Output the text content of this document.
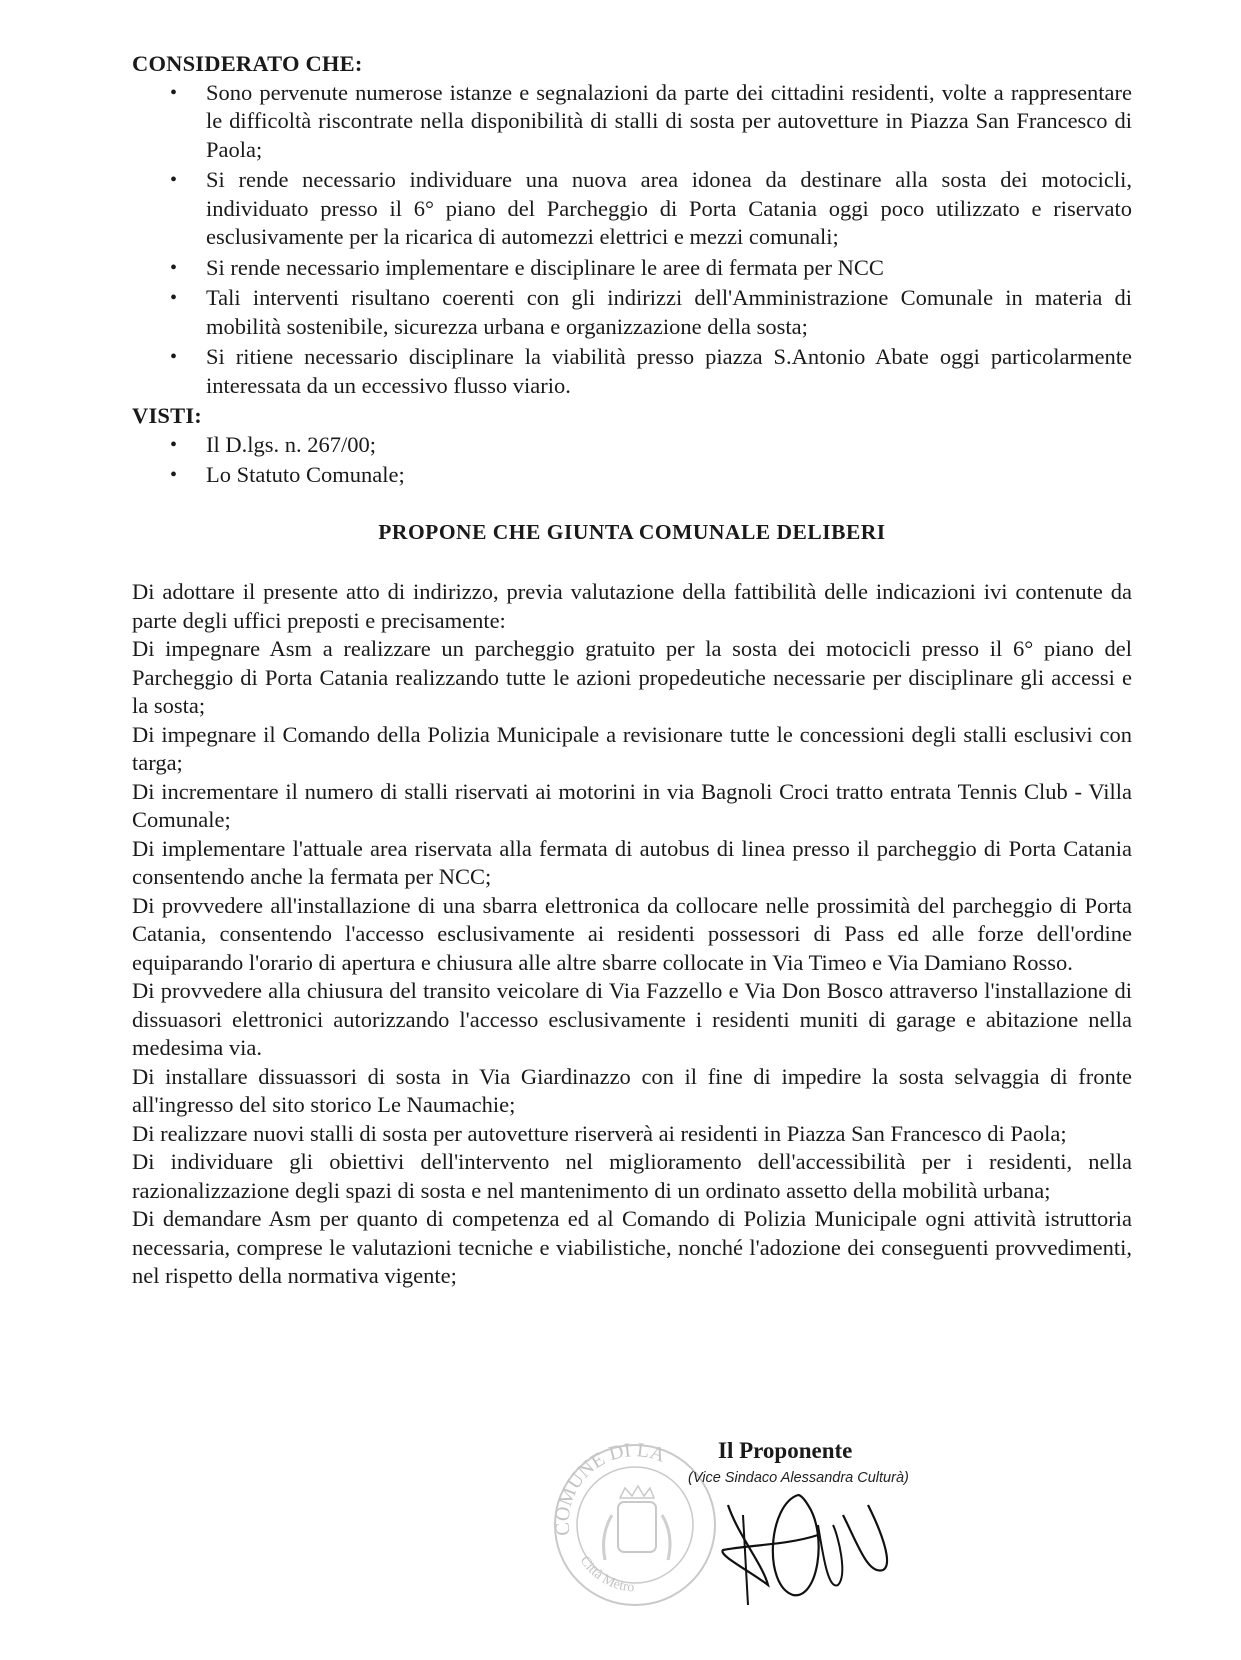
CONSIDERATO CHE:

• Sono pervenute numerose istanze e segnalazioni da parte dei cittadini residenti, volte a rappresentare le difficoltà riscontrate nella disponibilità di stalli di sosta per autovetture in Piazza San Francesco di Paola;
• Si rende necessario individuare una nuova area idonea da destinare alla sosta dei motocicli, individuato presso il 6° piano del Parcheggio di Porta Catania oggi poco utilizzato e riservato esclusivamente per la ricarica di automezzi elettrici e mezzi comunali;
• Si rende necessario implementare e disciplinare le aree di fermata per NCC
• Tali interventi risultano coerenti con gli indirizzi dell'Amministrazione Comunale in materia di mobilità sostenibile, sicurezza urbana e organizzazione della sosta;
• Si ritiene necessario disciplinare la viabilità presso piazza S.Antonio Abate oggi particolarmente interessata da un eccessivo flusso viario.

VISTI:

• Il D.lgs. n. 267/00;
• Lo Statuto Comunale;

PROPONE CHE GIUNTA COMUNALE DELIBERI

Di adottare il presente atto di indirizzo, previa valutazione della fattibilità delle indicazioni ivi contenute da parte degli uffici preposti e precisamente:

Di impegnare Asm a realizzare un parcheggio gratuito per la sosta dei motocicli presso il 6° piano del Parcheggio di Porta Catania realizzando tutte le azioni propedeutiche necessarie per disciplinare gli accessi e la sosta;

Di impegnare il Comando della Polizia Municipale a revisionare tutte le concessioni degli stalli esclusivi con targa;

Di incrementare il numero di stalli riservati ai motorini in via Bagnoli Croci tratto entrata Tennis Club - Villa Comunale;

Di implementare l'attuale area riservata alla fermata di autobus di linea presso il parcheggio di Porta Catania consentendo anche la fermata per NCC;

Di provvedere all'installazione di una sbarra elettronica da collocare nelle prossimità del parcheggio di Porta Catania, consentendo l'accesso esclusivamente ai residenti possessori di Pass ed alle forze dell'ordine equiparando l'orario di apertura e chiusura alle altre sbarre collocate in Via Timeo e Via Damiano Rosso.

Di provvedere alla chiusura del transito veicolare di Via Fazzello e Via Don Bosco attraverso l'installazione di dissuasori elettronici autorizzando l'accesso esclusivamente i residenti muniti di garage e abitazione nella medesima via.

Di installare dissuassori di sosta in Via Giardinazzo con il fine di impedire la sosta selvaggia di fronte all'ingresso del sito storico Le Naumachie;

Di realizzare nuovi stalli di sosta per autovetture riserverà ai residenti in Piazza San Francesco di Paola;

Di individuare gli obiettivi dell'intervento nel miglioramento dell'accessibilità per i residenti, nella razionalizzazione degli spazi di sosta e nel mantenimento di un ordinato assetto della mobilità urbana;

Di demandare Asm per quanto di competenza ed al Comando di Polizia Municipale ogni attività istruttoria necessaria, comprese le valutazioni tecniche e viabilistiche, nonché l'adozione dei conseguenti provvedimenti, nel rispetto della normativa vigente;

COMUNE DI LA
Città Metro
Il Proponente
(Vice Sindaco Alessandra Culturà)
